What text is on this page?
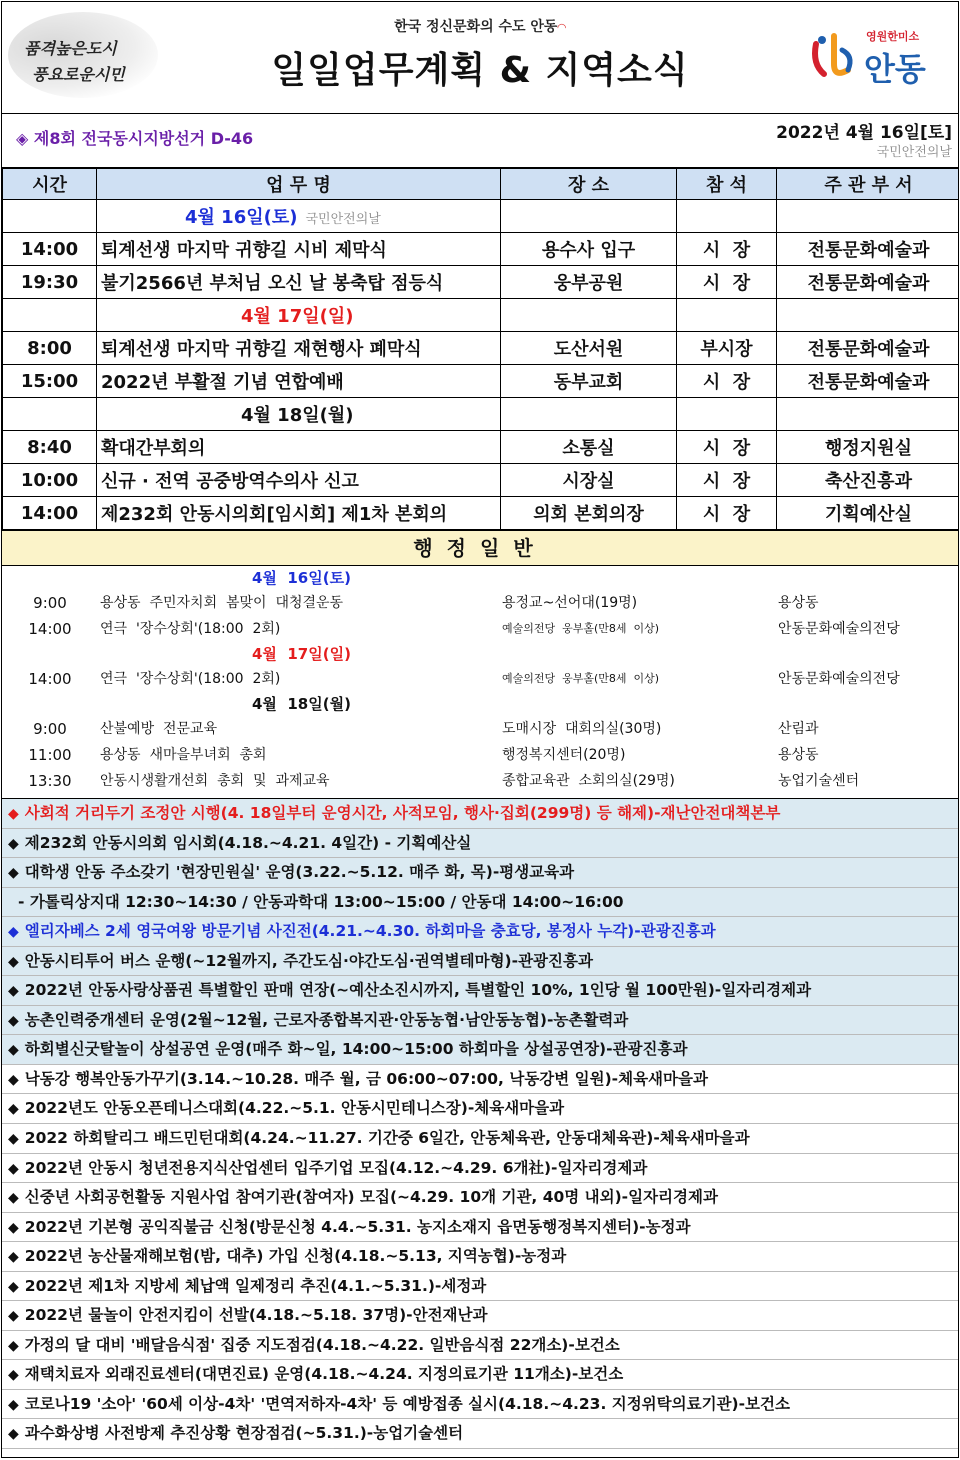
품격높은도시
풍요로운시민
한국 정신문화의 수도 안동◠
일일업무계획 & 지역소식
영원한미소
안동
◈ 제8회 전국동시지방선거 D-46	2022년 4월 16일[토]
국민안전의날
시간	업 무 명	장 소	참 석	주 관 부 서
	4월 16일(토) 국민안전의날			
14:00	퇴계선생 마지막 귀향길 시비 제막식	용수사 입구	시  장	전통문화예술과
19:30	불기2566년 부처님 오신 날 봉축탑 점등식	웅부공원	시  장	전통문화예술과
	4월 17일(일)			
8:00	퇴계선생 마지막 귀향길 재현행사 폐막식	도산서원	부시장	전통문화예술과
15:00	2022년 부활절 기념 연합예배	동부교회	시  장	전통문화예술과
	4월 18일(월)			
8:40	확대간부회의	소통실	시  장	행정지원실
10:00	신규 · 전역 공중방역수의사 신고	시장실	시  장	축산진흥과
14:00	제232회 안동시의회[임시회] 제1차 본회의	의회 본회의장	시  장	기획예산실
행정일반
4월  16일(토)
9:00	용상동  주민자치회  봄맞이  대청결운동	용정교~선어대(19명)	용상동
14:00	연극  '장수상회'(18:00  2회)	예술의전당  웅부홀(만8세  이상)	안동문화예술의전당
4월  17일(일)
14:00	연극  '장수상회'(18:00  2회)	예술의전당  웅부홀(만8세  이상)	안동문화예술의전당
4월  18일(월)
9:00	산불예방  전문교육	도매시장  대회의실(30명)	산림과
11:00	용상동  새마을부녀회  총회	행정복지센터(20명)	용상동
13:30	안동시생활개선회  총회  및  과제교육	종합교육관  소회의실(29명)	농업기술센터
◆ 사회적 거리두기 조정안 시행(4. 18일부터 운영시간, 사적모임, 행사·집회(299명) 등 해제)-재난안전대책본부
◆ 제232회 안동시의회 임시회(4.18.~4.21. 4일간) - 기획예산실
◆ 대학생 안동 주소갖기 '현장민원실' 운영(3.22.~5.12. 매주 화, 목)-평생교육과
- 가톨릭상지대 12:30~14:30 / 안동과학대 13:00~15:00 / 안동대 14:00~16:00
◆ 엘리자베스 2세 영국여왕 방문기념 사진전(4.21.~4.30. 하회마을 충효당, 봉정사 누각)-관광진흥과
◆ 안동시티투어 버스 운행(~12월까지, 주간도심·야간도심·권역별테마형)-관광진흥과
◆ 2022년 안동사랑상품권 특별할인 판매 연장(~예산소진시까지, 특별할인 10%, 1인당 월 100만원)-일자리경제과
◆ 농촌인력중개센터 운영(2월~12월, 근로자종합복지관·안동농협·남안동농협)-농촌활력과
◆ 하회별신굿탈놀이 상설공연 운영(매주 화~일, 14:00~15:00 하회마을 상설공연장)-관광진흥과
◆ 낙동강 행복안동가꾸기(3.14.~10.28. 매주 월, 금 06:00~07:00, 낙동강변 일원)-체육새마을과
◆ 2022년도 안동오픈테니스대회(4.22.~5.1. 안동시민테니스장)-체육새마을과
◆ 2022 하회탈리그 배드민턴대회(4.24.~11.27. 기간중 6일간, 안동체육관, 안동대체육관)-체육새마을과
◆ 2022년 안동시 청년전용지식산업센터 입주기업 모집(4.12.~4.29. 6개社)-일자리경제과
◆ 신중년 사회공헌활동 지원사업 참여기관(참여자) 모집(~4.29. 10개 기관, 40명 내외)-일자리경제과
◆ 2022년 기본형 공익직불금 신청(방문신청 4.4.~5.31. 농지소재지 읍면동행정복지센터)-농정과
◆ 2022년 농산물재해보험(밤, 대추) 가입 신청(4.18.~5.13, 지역농협)-농정과
◆ 2022년 제1차 지방세 체납액 일제정리 추진(4.1.~5.31.)-세정과
◆ 2022년 물놀이 안전지킴이 선발(4.18.~5.18. 37명)-안전재난과
◆ 가정의 달 대비 '배달음식점' 집중 지도점검(4.18.~4.22. 일반음식점 22개소)-보건소
◆ 재택치료자 외래진료센터(대면진료) 운영(4.18.~4.24. 지정의료기관 11개소)-보건소
◆ 코로나19 '소아' '60세 이상-4차' '면역저하자-4차' 등 예방접종 실시(4.18.~4.23. 지정위탁의료기관)-보건소
◆ 과수화상병 사전방제 추진상황 현장점검(~5.31.)-농업기술센터
